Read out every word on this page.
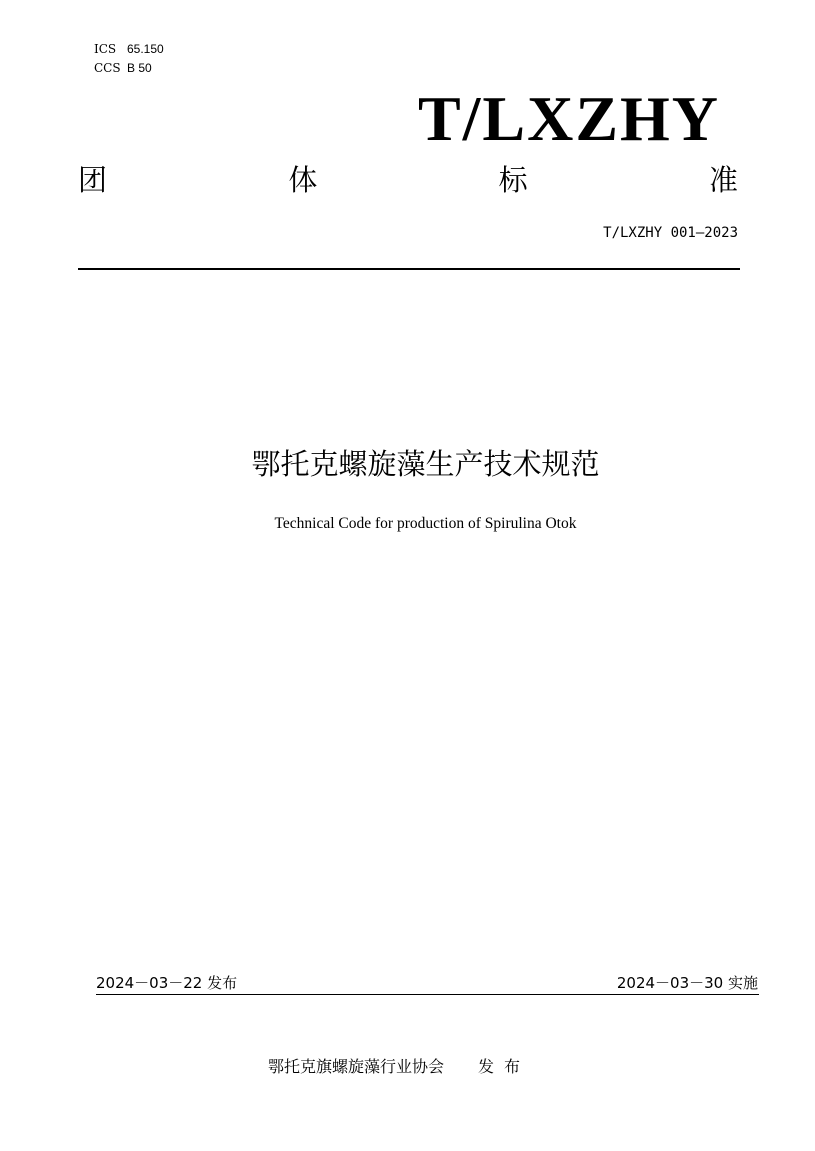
ICS 65.150
CCS B 50
T/LXZHY
团	体	标	准
T/LXZHY 001—2023
鄂托克螺旋藻生产技术规范
Technical Code for production of Spirulina Otok
2024－03－22 发布	2024－03－30 实施
鄂托克旗螺旋藻行业协会 发布
